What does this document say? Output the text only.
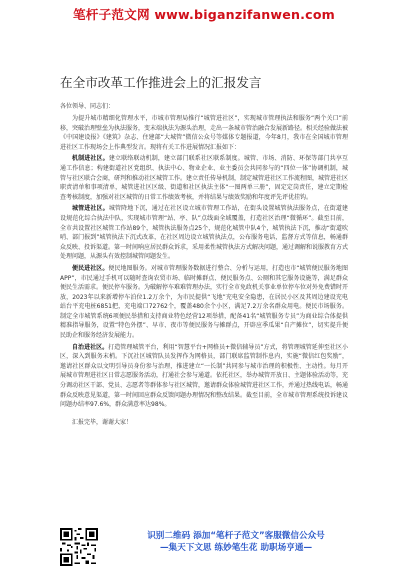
笔杆子范文网 www.biganzifanwen.com
在全市改革工作推进会上的汇报发言
各位领导、同志们：

为提升城市精细化管理水平，市城市管理局推行“城管进社区”，实现城市管理执法和服务“两个关口”前移，突破治理壁垒为执法服务，变末端执法为源头治理，走出一条城市管治融合发展新路径。相关经验做法被《中国建设报》《建筑》杂志、住建部“大城管”微信公众号等媒体专题报道，今年8月，我市在全国城市管理进社区工作现场会上作典型发言。现将有关工作进展情况汇报如下：

机制进社区。建立联络联动机制，建立部门联系社区联系制度。城管、市场、消防、环保等部门共享互通工作信息；构建街道社区党组织、执法中心、物业企业、业主委员会共同参与的“四位一体”协调机制，城管与社区联合会商，研判和推动社区城管工作。建立责任传导机制，制定城管进社区工作流程图，城管进社区职责清单和事项清单，城管进社区区级、街道和社区执法主体“一图两单三册”，固定定岗责任，建立定期检查考核制度，加强对社区城管的日常工作绩效考核，并将结果与绩效奖励和年度评先评优挂钩。

城管进社区。城管降地下沉，通过在社区设立城市管理工作站，在街头设置城管执法服务点，在街道建设规范化综合执法中队，实现城市管理“站、亭、队”点线面全域覆盖，打造社区治理“微循环”。截至目前，全市共设置社区城管工作站89个，城管执法服务点25个，规范化城管中队4个，城管执法下沉，推动“街道吹哨、部门报到”城管执法下沉式改革，在社区周边设立城管执法点，公布服务电话，监督方式等信息，畅通群众反映、投诉渠道。第一时间响应居民群众诉求，采用柔性城管执法方式解决问题，通过调解和说服教育方式处理问题，从源头有效控制城管问题发生。

便民进社区。便民地图服务。对城市管理服务数据进行整合、分析与运用，打造也市“城管便民服务地图APP”，市民通过手机可以随时查询农贸市场、临时摊群点、便民服务点、公厕和其它服务设施等，满足群众便民生活需求。便民停车服务。为破解停车难难管理办法，实行全市免政机关事业单位停车位对外免费错时开放，2023年以来新增停车泊位1.2万余个，为市民提供“飞地”充电安全隐患，在居民小区及其周边建设充电站台平充电桩6851把，充电端口72762个，覆盖480余个小区，满足7.2万余名群众用电。便民市场服务。制定全市城管系统6项便民举措和支持商业特色经营12项举措，配备41名“城管服务专员”为商业综合体提供精准指导服务，设置“特色外摆”、早市、夜市等便民服务与摊群点，开辟应季瓜果“自产摊位”，切实提升便民助企和服务经济发展能力。

自治进社区。打造管理城管平台，利用“智慧平台+网格员+微信辅导员”方式，将管理城管延伸至社区小区，深入到服务末梢。下沉社区城管队员发挥作为网格员，部门联席监管制作息内，实施“微信红包奖励”，邀请社区群众以文明引导员身份参与治理，推进建立“一长制”共同参与城市治理的积极性、主动性。每月开展城市管理进社区日常志愿服务活动，打通社会参与通道。依托社区，举办城管开放日、主题体验活动等，充分调动社区干部、党员、志愿者等群体参与社区城管，邀请群众体验城管进社区工作，并通过热线电话，畅通群众反映意见渠道，第一时间回应群众反馈问题办理情况和整改结果。截至目前，全市城市管理系统投诉建议问题办结率97.6%，群众满意率达98%。

汇报完毕，谢谢大家！
识别二维码 添加“笔杆子范文”客服微信公众号
—集天下文思 练妙笔生花 助职场亨通—
